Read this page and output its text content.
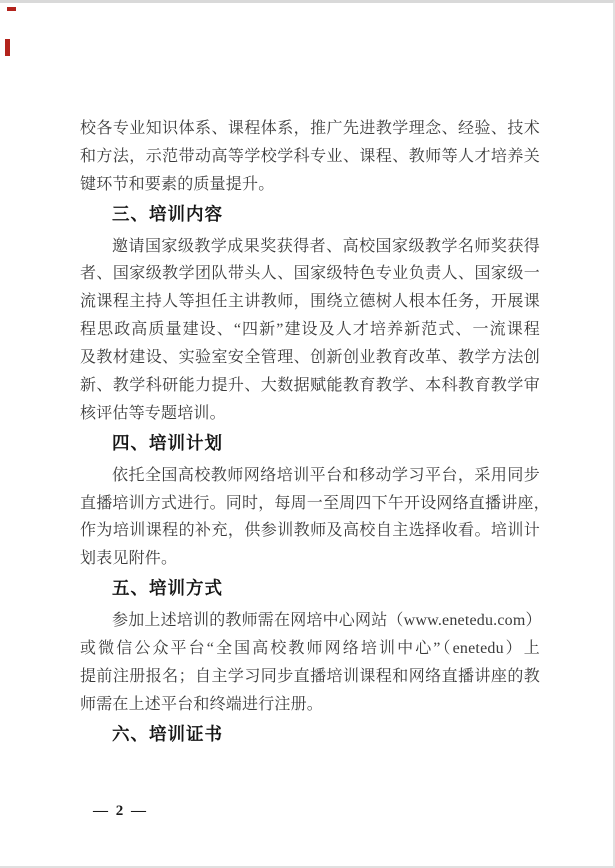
校各专业知识体系、课程体系，推广先进教学理念、经验、技术
和方法，示范带动高等学校学科专业、课程、教师等人才培养关
键环节和要素的质量提升。
三、培训内容
邀请国家级教学成果奖获得者、高校国家级教学名师奖获得
者、国家级教学团队带头人、国家级特色专业负责人、国家级一
流课程主持人等担任主讲教师，围绕立德树人根本任务，开展课
程思政高质量建设、“四新”建设及人才培养新范式、一流课程
及教材建设、实验室安全管理、创新创业教育改革、教学方法创
新、教学科研能力提升、大数据赋能教育教学、本科教育教学审
核评估等专题培训。
四、培训计划
依托全国高校教师网络培训平台和移动学习平台，采用同步
直播培训方式进行。同时，每周一至周四下午开设网络直播讲座，
作为培训课程的补充，供参训教师及高校自主选择收看。培训计
划表见附件。
五、培训方式
参加上述培训的教师需在网培中心网站（www.enetedu.com）
或微信公众平台“全国高校教师网络培训中心”（enetedu）上
提前注册报名；自主学习同步直播培训课程和网络直播讲座的教
师需在上述平台和终端进行注册。
六、培训证书
— 2 —
